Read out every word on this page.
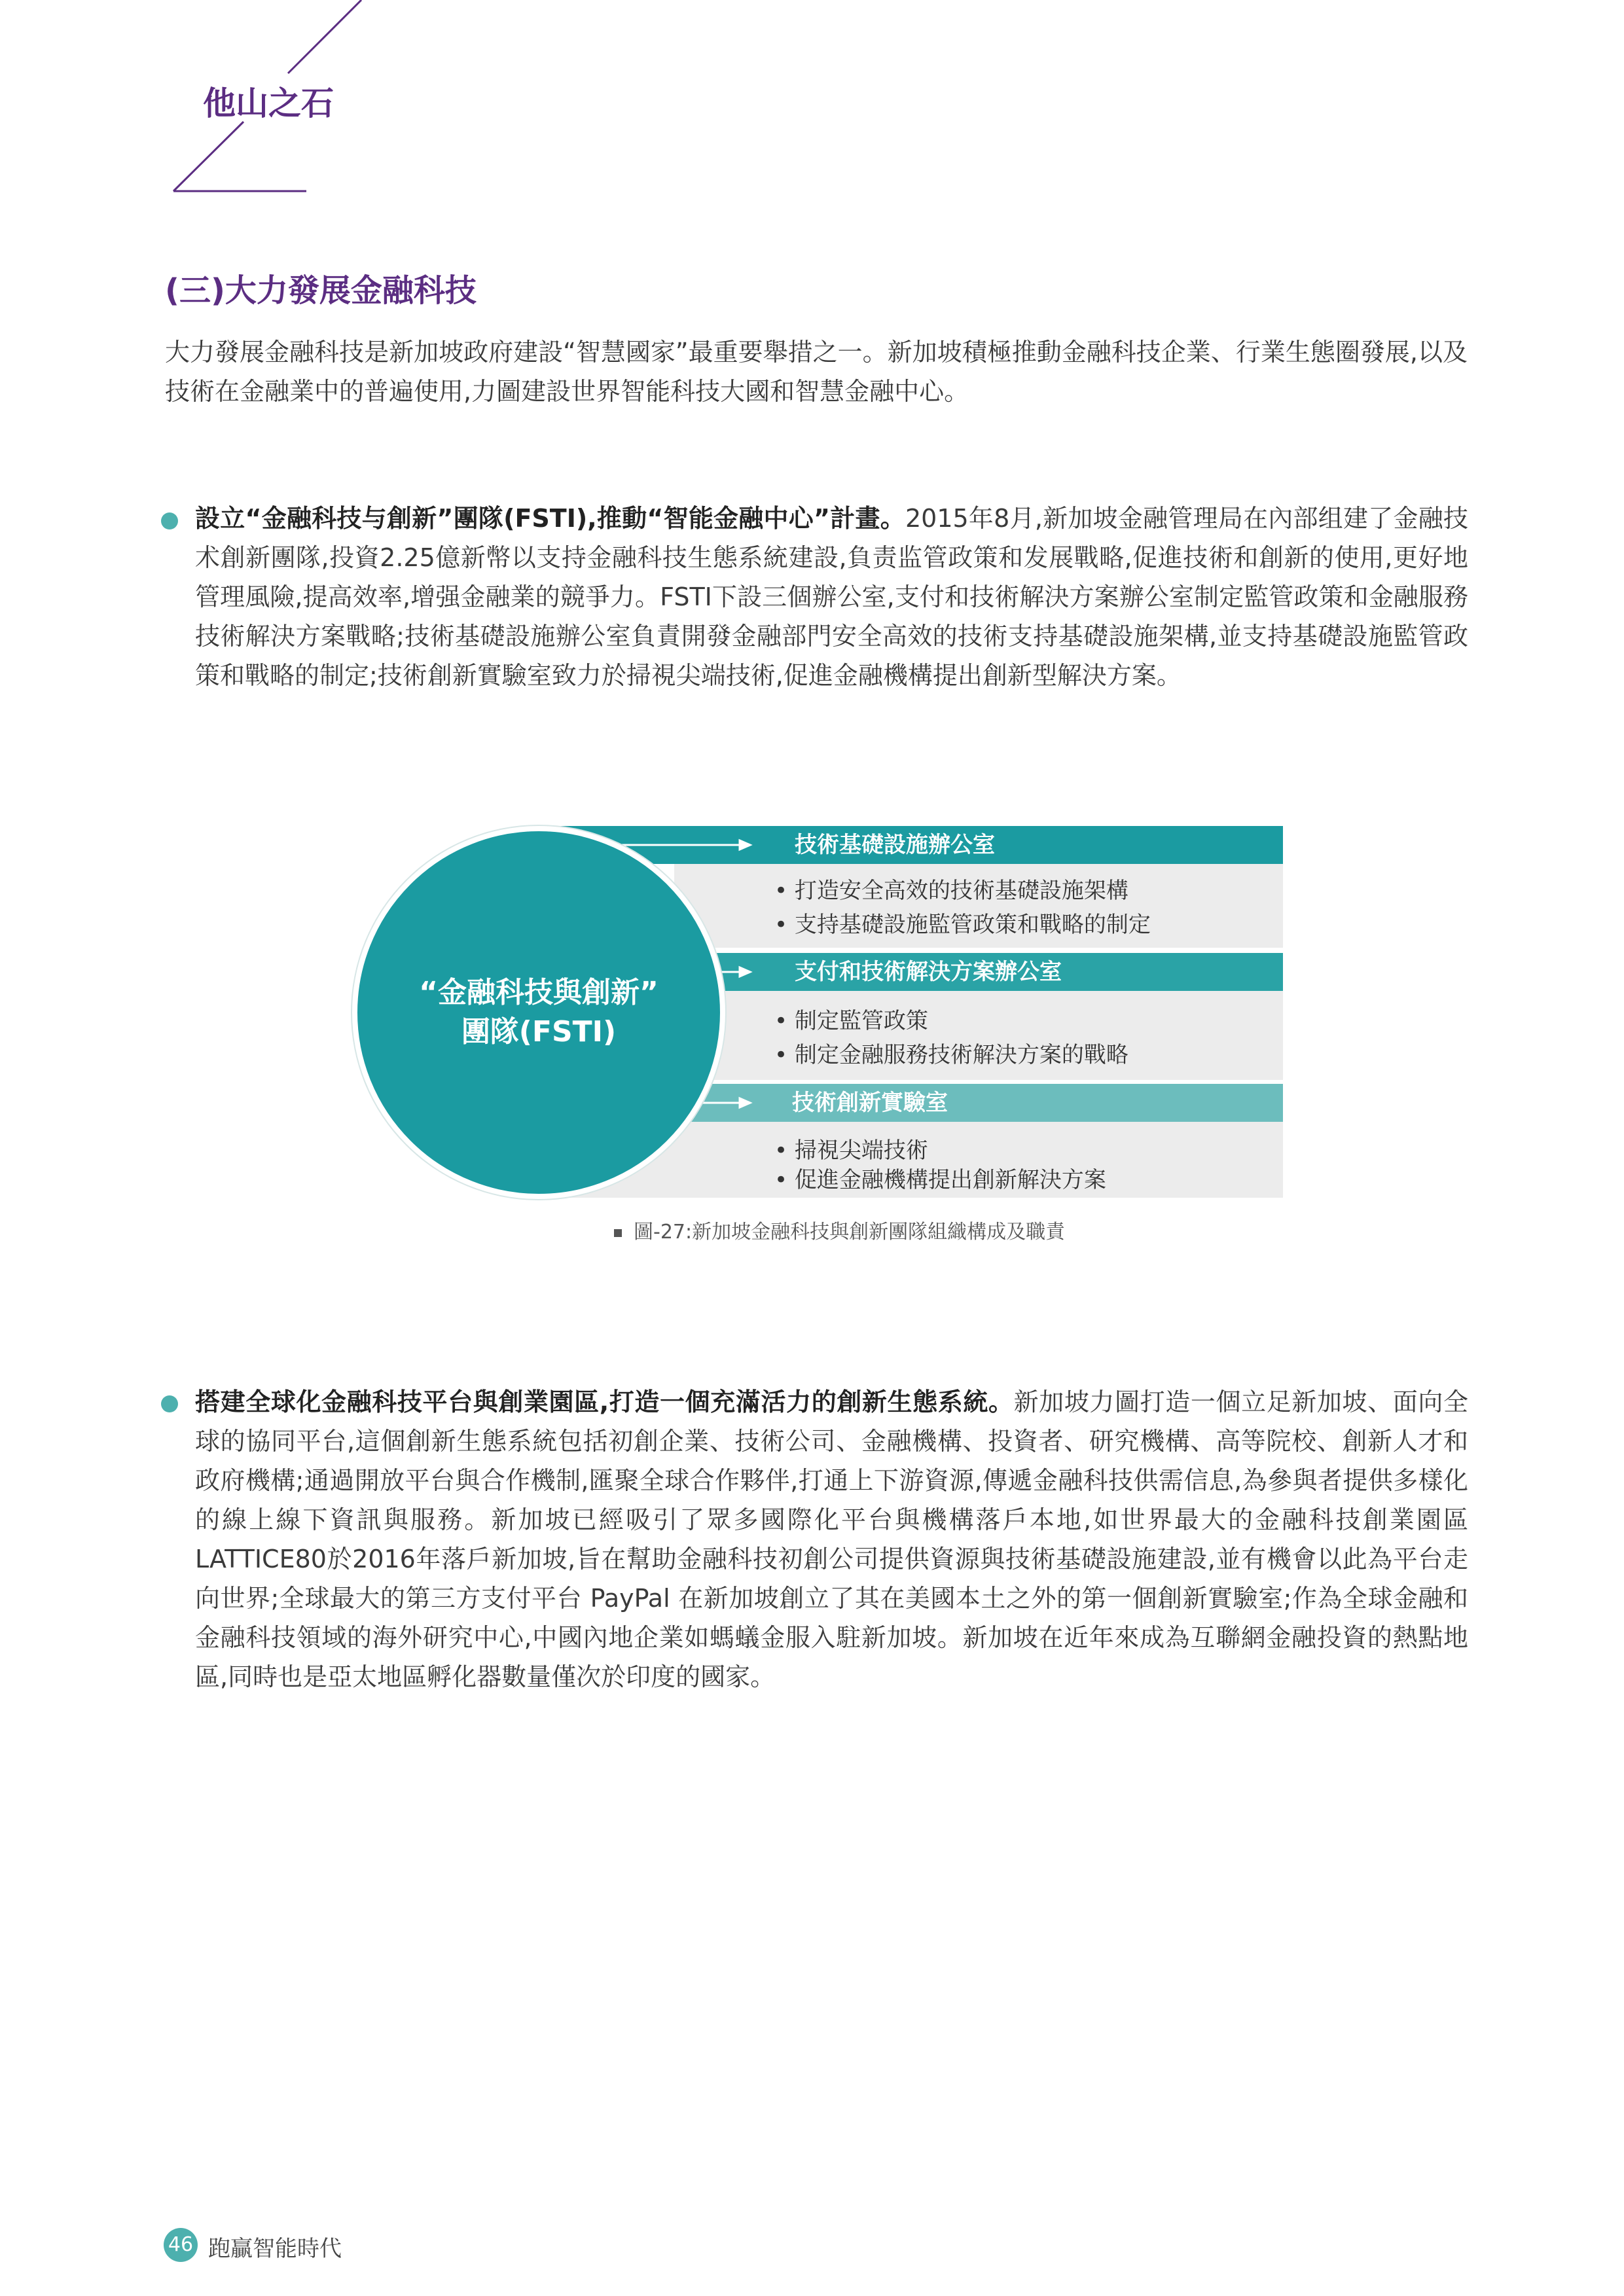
他山之石
(三)大力發展金融科技
大力發展金融科技是新加坡政府建設“智慧國家”最重要舉措之一。新加坡積極推動金融科技企業、行業生態圈發展,以及技術在金融業中的普遍使用,力圖建設世界智能科技大國和智慧金融中心。
設立“金融科技与創新”團隊(FSTI),推動“智能金融中心”計畫。2015年8月,新加坡金融管理局在內部组建了金融技术創新團隊,投資2.25億新幣以支持金融科技生態系統建設,負责监管政策和发展戰略,促進技術和創新的使用,更好地管理風險,提高效率,增强金融業的競爭力。FSTI下設三個辦公室,支付和技術解決方案辦公室制定監管政策和金融服務技術解決方案戰略;技術基礎設施辦公室負責開發金融部門安全高效的技術支持基礎設施架構,並支持基礎設施監管政策和戰略的制定;技術創新實驗室致力於掃視尖端技術,促進金融機構提出創新型解決方案。
技術基礎設施辦公室
• 打造安全高效的技術基礎設施架構
• 支持基礎設施監管政策和戰略的制定
支付和技術解決方案辦公室
• 制定監管政策
• 制定金融服務技術解決方案的戰略
技術創新實驗室
• 掃視尖端技術
• 促進金融機構提出創新解決方案
“金融科技與創新”
團隊(FSTI)
圖-27:新加坡金融科技與創新團隊組織構成及職責
搭建全球化金融科技平台與創業園區,打造一個充滿活力的創新生態系統。新加坡力圖打造一個立足新加坡、面向全球的協同平台,這個創新生態系統包括初創企業、技術公司、金融機構、投資者、研究機構、高等院校、創新人才和政府機構;通過開放平台與合作機制,匯聚全球合作夥伴,打通上下游資源,傳遞金融科技供需信息,為參與者提供多樣化的線上線下資訊與服務。新加坡已經吸引了眾多國際化平台與機構落戶本地,如世界最大的金融科技創業園區LATTICE80於2016年落戶新加坡,旨在幫助金融科技初創公司提供資源與技術基礎設施建設,並有機會以此為平台走向世界;全球最大的第三方支付平台 PayPal 在新加坡創立了其在美國本土之外的第一個創新實驗室;作為全球金融和金融科技領域的海外研究中心,中國內地企業如螞蟻金服入駐新加坡。新加坡在近年來成為互聯網金融投資的熱點地區,同時也是亞太地區孵化器數量僅次於印度的國家。
46 跑贏智能時代
